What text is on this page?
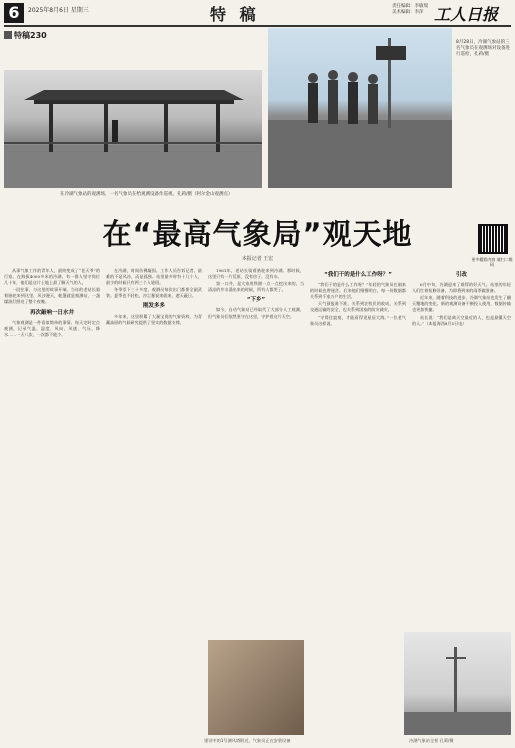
6	2025年8月6日 星期三	特 稿	责任编辑：李敏瑞
美术编辑：李萍 工人日报
特稿230
在冷湖气象站的观测场，一名气象员在给观测设备作巡视，孔莉/摄（阿尔金山观测点）
8月28日，冷湖气象站的三名气象员在观测场对设备进行巡检，孔莉/摄
在“最高气象局”观天地
本报记者 王宏	更多精彩内容 请扫二维码

从事气象工作的青年人，最终变成了“老天爷”的行家。在海拔4000多米的冷湖，有一群人坚守岗位几十年，他们是这片土地上最了解天气的人。

一段往事，与这里的故事开端。当年的老站长骑着骆驼来到这里，风沙漫天，帐篷就是观测站，一盏煤油灯照亮了整个夜晚。

再次敲响一日水井

气象观测是一件看似简单的事情。每天定时定点观测，记录气温、湿度、风向、风速、气压、降水……一天八次，一次都不能少。

在冷湖，时间仿佛凝固。工作人员告诉记者，最难的不是风沙，而是孤独。站里最多时有十几个人，最少的时候只有两三个人轮班。

冬季零下三十多度，观测员每次出门都要全副武装。夏季也不轻松，沙尘暴说来就来，遮天蔽日。

刚发多多

多年来，这里积累了大量宝贵的气象资料，为青藏高原的气候研究提供了坚实的数据支撑。

1961年，老站长骑着骆驼来到冷湖。那时候，这里只有一片荒原，没有房子，没有水。

第一口井，是大家用铁锹一点一点挖出来的。当清凉的井水涌出来的时候，所有人都哭了。

“下乡”

如今，自动气象站已经取代了大部分人工观测，但气象员们依然坚守在这里，守护着这片天空。

“我们干的是什么工作呀？”

“我们干的是什么工作呀？”年轻的气象员在刚来的时候也曾迷茫。后来他们慢慢明白，每一份数据都关系到千家万户的生活。

天气预报准不准，关系到农牧民的收成，关系到交通运输的安全，也关系到国家的防灾减灾。

“守得住寂寞，才能看得见星辰大海。”一位老气象员这样说。

引改

6月中旬，冷湖迎来了难得的好天气。站里的年轻人们忙着检修设备，为即将到来的雨季做准备。

近年来，随着科技的进步，冷湖气象站也发生了翻天覆地的变化。新的观测设备不断投入使用，数据传输也更加快捷。

站长说：“我们是离天空最近的人，也是最懂天空的人。”（本报海西8月5日电）

建设中的1号测风塔附近，气象员正在安装设备	冷湖气象站全景 孔莉/摄
